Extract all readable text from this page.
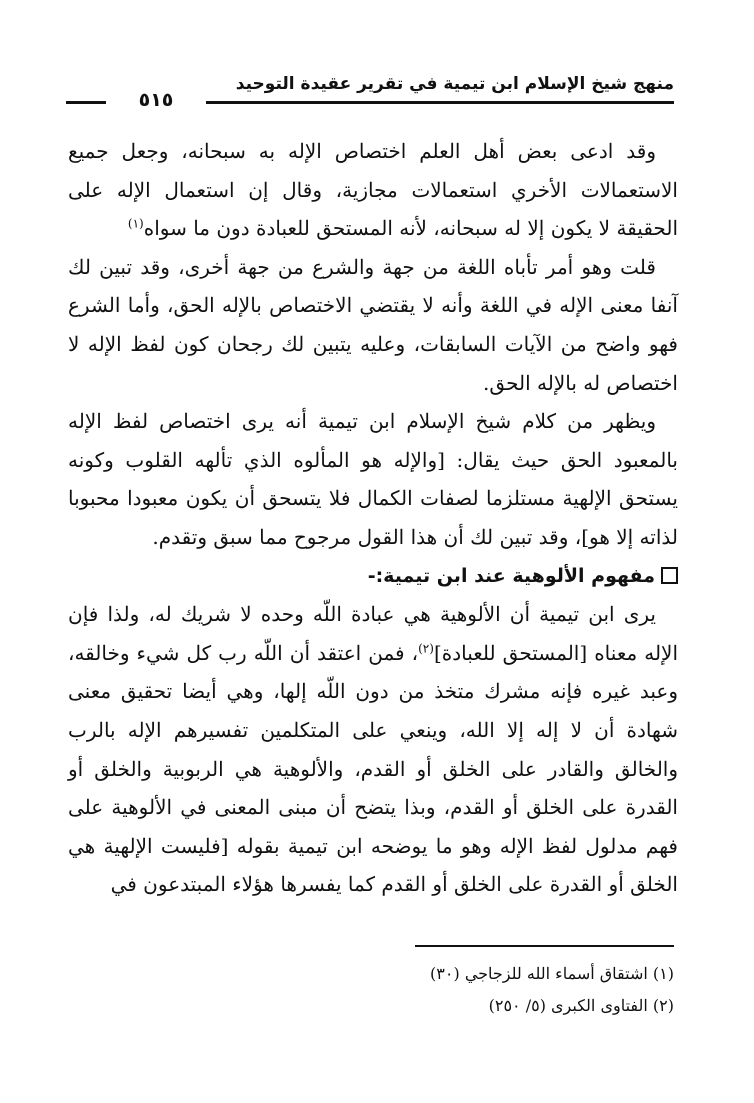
منهج شيخ الإسلام ابن تيمية في تقرير عقيدة التوحيد
٥١٥

وقد ادعى بعض أهل العلم اختصاص الإله به سبحانه، وجعل جميع الاستعمالات الأخري استعمالات مجازية، وقال إن استعمال الإله على الحقيقة لا يكون إلا له سبحانه، لأنه المستحق للعبادة دون ما سواه$^{(١)}$

قلت وهو أمر تأباه اللغة من جهة والشرع من جهة أخرى، وقد تبين لك آنفا معنى الإله في اللغة وأنه لا يقتضي الاختصاص بالإله الحق، وأما الشرع فهو واضح من الآيات السابقات، وعليه يتبين لك رجحان كون لفظ الإله لا اختصاص له بالإله الحق.

ويظهر من كلام شيخ الإسلام ابن تيمية أنه يرى اختصاص لفظ الإله بالمعبود الحق حيث يقال: [والإله هو المألوه الذي تألهه القلوب وكونه يستحق الإلهية مستلزما لصفات الكمال فلا يتسحق أن يكون معبودا محبوبا لذاته إلا هو]، وقد تبين لك أن هذا القول مرجوح مما سبق وتقدم.

مفهوم الألوهية عند ابن تيمية:-

يرى ابن تيمية أن الألوهية هي عبادة اللّه وحده لا شريك له، ولذا فإن الإله معناه [المستحق للعبادة]$^{(٢)}$، فمن اعتقد أن اللّه رب كل شيء وخالقه، وعبد غيره فإنه مشرك متخذ من دون اللّه إلها، وهي أيضا تحقيق معنى شهادة أن لا إله إلا الله، وينعي على المتكلمين تفسيرهم الإله بالرب والخالق والقادر على الخلق أو القدم، والألوهية هي الربوبية والخلق أو القدرة على الخلق أو القدم، وبذا يتضح أن مبنى المعنى في الألوهية على فهم مدلول لفظ الإله وهو ما يوضحه ابن تيمية بقوله [فليست الإلهية هي الخلق أو القدرة على الخلق أو القدم كما يفسرها هؤلاء المبتدعون في

(١) اشتقاق أسماء الله للزجاجي (٣٠)
(٢) الفتاوى الكبرى (٥/ ٢٥٠)
